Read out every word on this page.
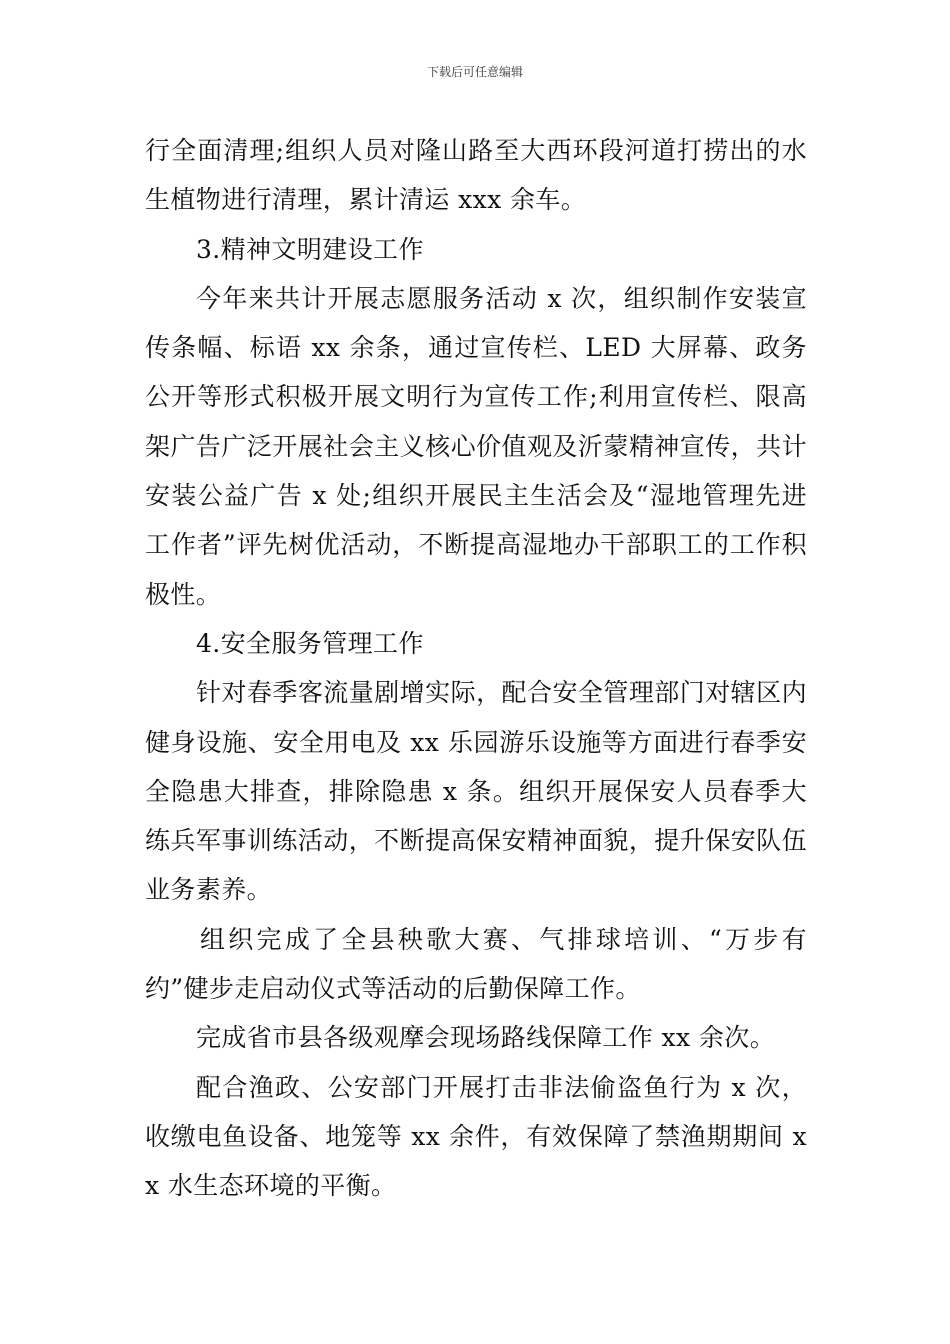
下载后可任意编辑

行全面清理;组织人员对隆山路至大西环段河道打捞出的水生植物进行清理，累计清运 xxx 余车。

3.精神文明建设工作

今年来共计开展志愿服务活动 x 次，组织制作安装宣传条幅、标语 xx 余条，通过宣传栏、LED 大屏幕、政务公开等形式积极开展文明行为宣传工作;利用宣传栏、限高架广告广泛开展社会主义核心价值观及沂蒙精神宣传，共计安装公益广告 x 处;组织开展民主生活会及“湿地管理先进工作者”评先树优活动，不断提高湿地办干部职工的工作积极性。

4.安全服务管理工作

针对春季客流量剧增实际，配合安全管理部门对辖区内健身设施、安全用电及 xx 乐园游乐设施等方面进行春季安全隐患大排查，排除隐患 x 条。组织开展保安人员春季大练兵军事训练活动，不断提高保安精神面貌，提升保安队伍业务素养。

组织完成了全县秧歌大赛、气排球培训、“万步有约”健步走启动仪式等活动的后勤保障工作。

完成省市县各级观摩会现场路线保障工作 xx 余次。

配合渔政、公安部门开展打击非法偷盗鱼行为 x 次，收缴电鱼设备、地笼等 xx 余件，有效保障了禁渔期期间 xx 水生态环境的平衡。
